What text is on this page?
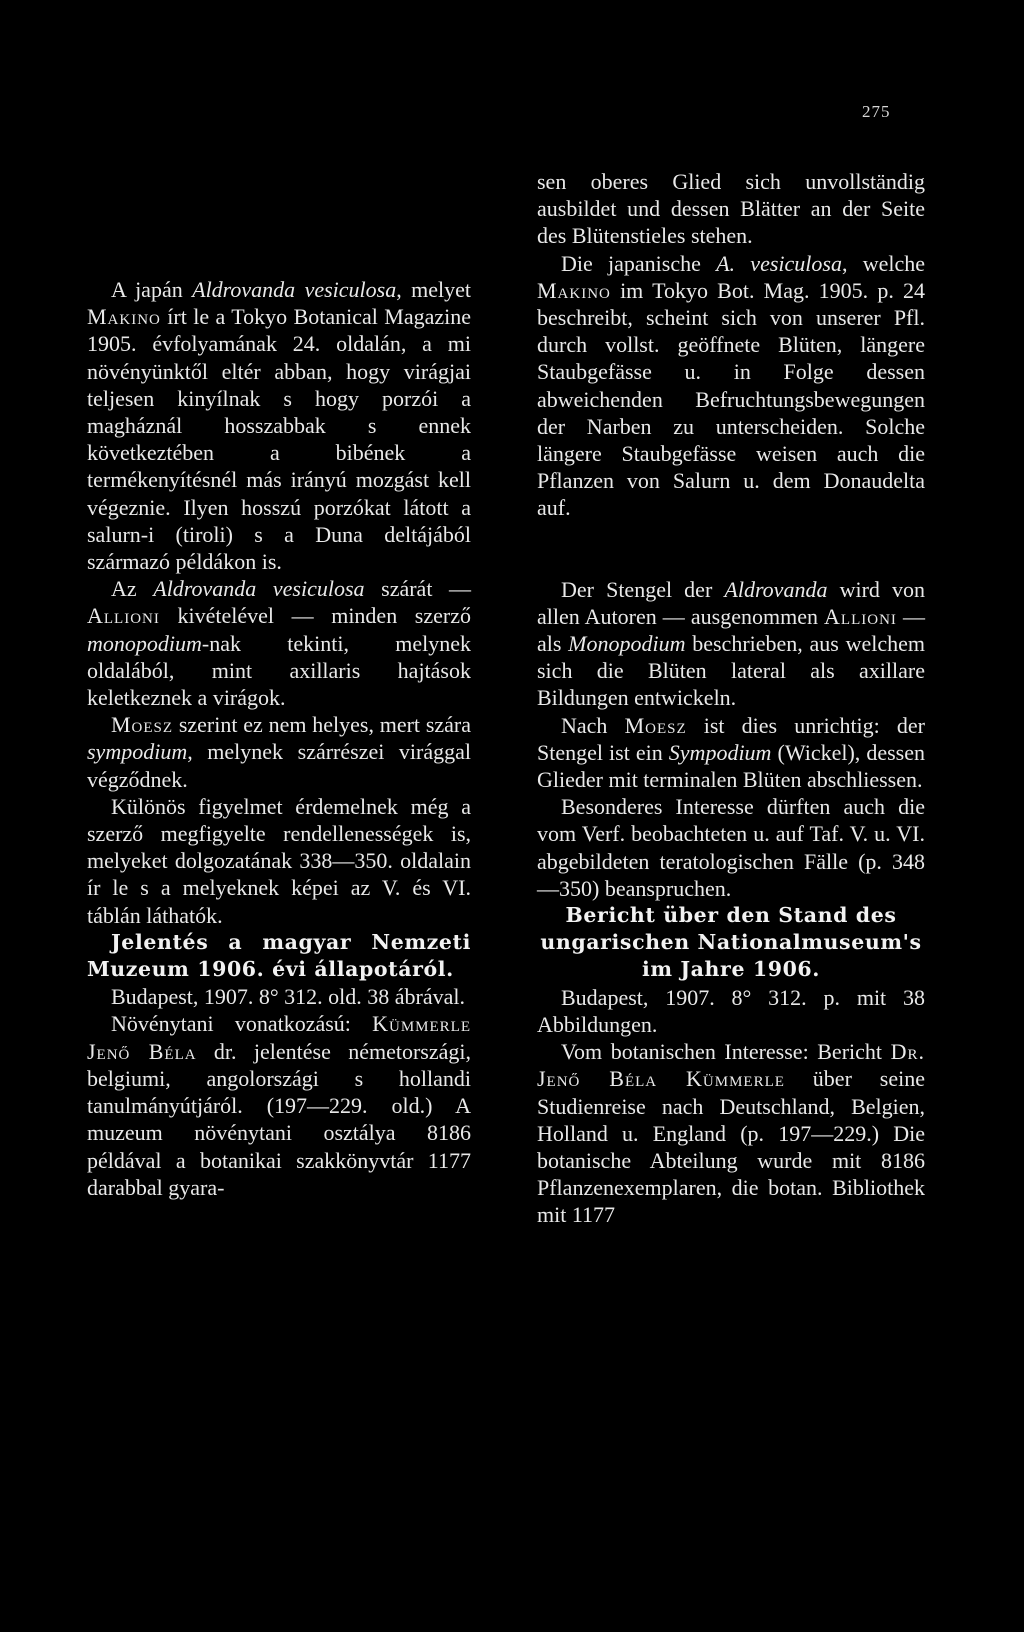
275

A japán Aldrovanda vesiculosa, melyet Makino írt le a Tokyo Botanical Magazine 1905. évfolyamának 24. oldalán, a mi növényünktől eltér abban, hogy virágjai teljesen kinyílnak s hogy porzói a magháznál hosszabbak s ennek következtében a bibének a termékenyítésnél más irányú mozgást kell végeznie. Ilyen hosszú porzókat látott a salurn-i (tiroli) s a Duna deltájából származó példákon is.

Az Aldrovanda vesiculosa szárát — Allioni kivételével — minden szerző monopodium-nak tekinti, melynek oldalából, mint axillaris hajtások keletkeznek a virágok.

Moesz szerint ez nem helyes, mert szára sympodium, melynek szárrészei virággal végződnek.

Különös figyelmet érdemelnek még a szerző megfigyelte rendellenességek is, melyeket dolgozatának 338—350. oldalain ír le s a melyeknek képei az V. és VI. táblán láthatók.

Jelentés a magyar Nemzeti Muzeum 1906. évi állapotáról.

Budapest, 1907. 8° 312. old. 38 ábrával.

Növénytani vonatkozású: Kümmerle Jenő Béla dr. jelentése németországi, belgiumi, angolországi s hollandi tanulmányútjáról. (197—229. old.) A muzeum növénytani osztálya 8186 példával a botanikai szakkönyvtár 1177 darabbal gyara-

sen oberes Glied sich unvollständig ausbildet und dessen Blätter an der Seite des Blütenstieles stehen.

Die japanische A. vesiculosa, welche Makino im Tokyo Bot. Mag. 1905. p. 24 beschreibt, scheint sich von unserer Pfl. durch vollst. geöffnete Blüten, längere Staubgefässe u. in Folge dessen abweichenden Befruchtungsbewegungen der Narben zu unterscheiden. Solche längere Staubgefässe weisen auch die Pflanzen von Salurn u. dem Donaudelta auf.

Der Stengel der Aldrovanda wird von allen Autoren — ausgenommen Allioni — als Monopodium beschrieben, aus welchem sich die Blüten lateral als axillare Bildungen entwickeln.

Nach Moesz ist dies unrichtig: der Stengel ist ein Sympodium (Wickel), dessen Glieder mit terminalen Blüten abschliessen.

Besonderes Interesse dürften auch die vom Verf. beobachteten u. auf Taf. V. u. VI. abgebildeten teratologischen Fälle (p. 348—350) beanspruchen.

Bericht über den Stand des ungarischen Nationalmuseum's im Jahre 1906.

Budapest, 1907. 8° 312. p. mit 38 Abbildungen.

Vom botanischen Interesse: Bericht Dr. Jenő Béla Kümmerle über seine Studienreise nach Deutschland, Belgien, Holland u. England (p. 197—229.) Die botanische Abteilung wurde mit 8186 Pflanzenexemplaren, die botan. Bibliothek mit 1177
